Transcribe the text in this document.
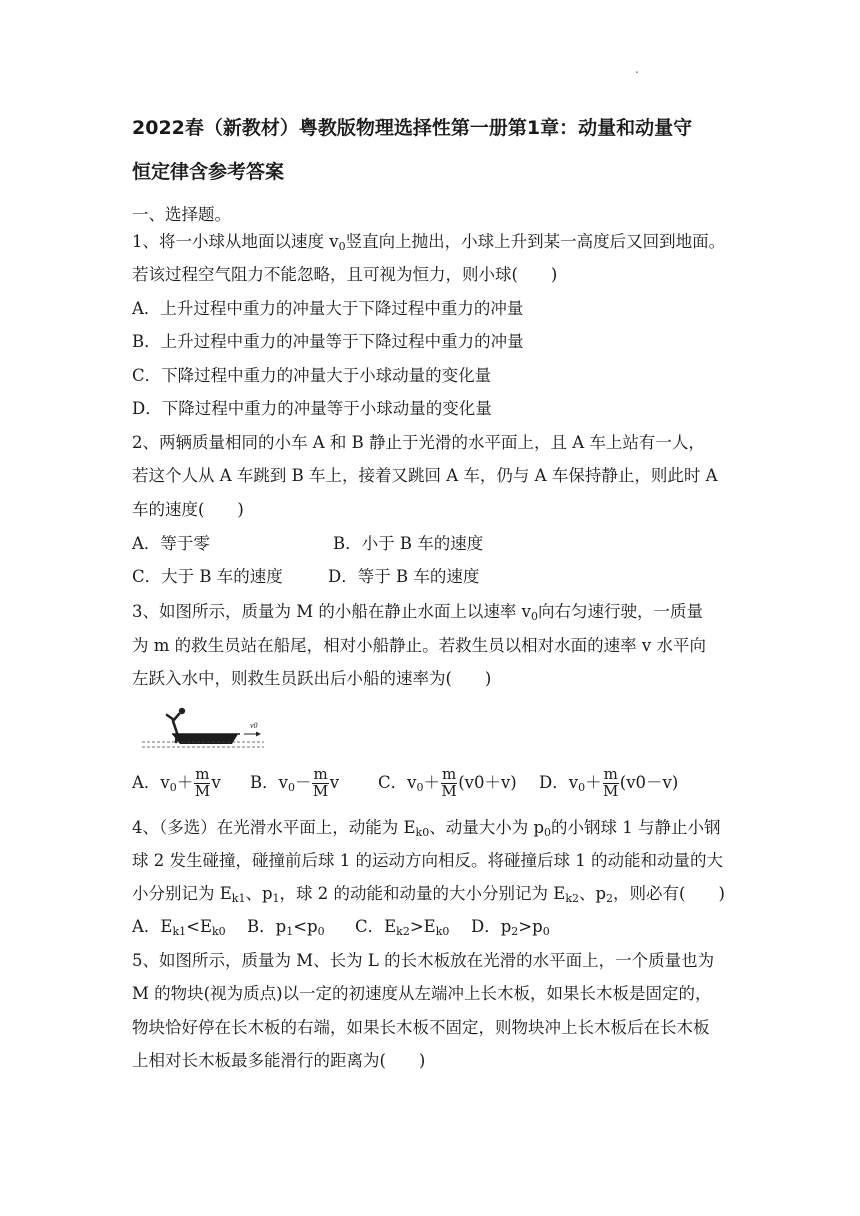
.
2022春（新教材）粤教版物理选择性第一册第1章：动量和动量守
恒定律含参考答案
一、选择题。
1、将一小球从地面以速度 $v_0$竖直向上抛出，小球上升到某一高度后又回到地面。
若该过程空气阻力不能忽略，且可视为恒力，则小球(　　)
A．上升过程中重力的冲量大于下降过程中重力的冲量
B．上升过程中重力的冲量等于下降过程中重力的冲量
C．下降过程中重力的冲量大于小球动量的变化量
D．下降过程中重力的冲量等于小球动量的变化量
2、两辆质量相同的小车 A 和 B 静止于光滑的水平面上，且 A 车上站有一人，
若这个人从 A 车跳到 B 车上，接着又跳回 A 车，仍与 A 车保持静止，则此时 A
车的速度(　　)
A．等于零	B．小于 B 车的速度
C．大于 B 车的速度	D．等于 B 车的速度
3、如图所示，质量为 M 的小船在静止水面上以速率 $v_0$向右匀速行驶，一质量
为 m 的救生员站在船尾，相对小船静止。若救生员以相对水面的速率 v 水平向
左跃入水中，则救生员跃出后小船的速率为(　　)
v0
A．$v_0+ \frac{m}{M}$ v B．$v_0- \frac{m}{M}$ v C．$v_0+ \frac{m}{M} (v0+v)$ D．$v_0+ \frac{m}{M} (v0-v)$
4、（多选）在光滑水平面上，动能为 $E_{k0}$、动量大小为 $p_0$的小钢球 1 与静止小钢
球 2 发生碰撞，碰撞前后球 1 的运动方向相反。将碰撞后球 1 的动能和动量的大
小分别记为 $E_{k1}$、$p_1$，球 2 的动能和动量的大小分别记为 $E_{k2}$、$p_2$，则必有(　　)
A．$E_{k1}<E_{k0}$ B．$p_1<p_0$ C．$E_{k2}>E_{k0}$ D．$p_2>p_0$
5、如图所示，质量为 M、长为 L 的长木板放在光滑的水平面上，一个质量也为
M 的物块(视为质点)以一定的初速度从左端冲上长木板，如果长木板是固定的，
物块恰好停在长木板的右端，如果长木板不固定，则物块冲上长木板后在长木板
上相对长木板最多能滑行的距离为(　　)
